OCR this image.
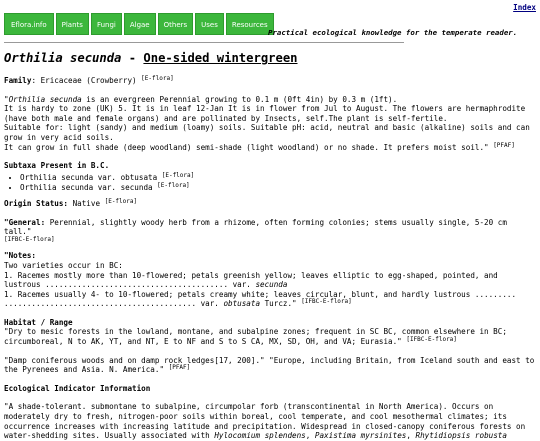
Index
Eflora.info	Plants	Fungi	Algae	Others	Uses	Resources
Practical ecological knowledge for the temperate reader.
Orthilia secunda - One-sided wintergreen

Family: Ericaceae (Crowberry) [E-flora]

"Orthilia secunda is an evergreen Perennial growing to 0.1 m (0ft 4in) by 0.3 m (1ft).
It is hardy to zone (UK) 5. It is in leaf 12-Jan It is in flower from Jul to August. The flowers are hermaphrodite (have both male and female organs) and are pollinated by Insects, self.The plant is self-fertile.
Suitable for: light (sandy) and medium (loamy) soils. Suitable pH: acid, neutral and basic (alkaline) soils and can grow in very acid soils.
It can grow in full shade (deep woodland) semi-shade (light woodland) or no shade. It prefers moist soil." [PFAF]

Subtaxa Present in B.C.

• Orthilia secunda var. obtusata [E-flora]
• Orthilia secunda var. secunda [E-flora]

Origin Status: Native [E-flora]

"General: Perennial, slightly woody herb from a rhizome, often forming colonies; stems usually single, 5-20 cm tall."
[IFBC-E-flora]

"Notes:
Two varieties occur in BC:
1. Racemes mostly more than 10-flowered; petals greenish yellow; leaves elliptic to egg-shaped, pointed, and lustrous ........................................ var. secunda
1. Racemes usually 4- to 10-flowered; petals creamy white; leaves circular, blunt, and hardly lustrous ......... .......................................... var. obtusata Turcz." [IFBC-E-flora]

Habitat / Range

"Dry to mesic forests in the lowland, montane, and subalpine zones; frequent in SC BC, common elsewhere in BC; circumboreal, N to AK, YT, and NT, E to NF and S to S CA, MX, SD, OH, and VA; Eurasia." [IFBC-E-flora]

"Damp coniferous woods and on damp rock ledges[17, 200]." "Europe, including Britain, from Iceland south and east to the Pyrenees and Asia. N. America." [PFAF]

Ecological Indicator Information

"A shade-tolerant. submontane to subalpine, circumpolar forb (transcontinental in North America). Occurs on moderately dry to fresh, nitrogen-poor soils within boreal, cool temperate, and cool mesothermal climates; its occurrence increases with increasing latitude and precipitation. Widespread in closed-canopy coniferous forests on water-shedding sites. Usually associated with Hylocomium splendens, Paxistima myrsinites, Rhytidiopsis robusta
